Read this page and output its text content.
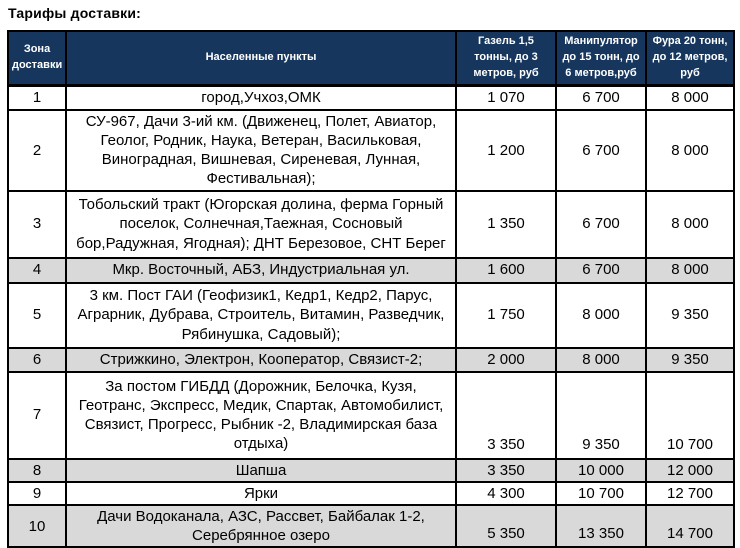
Тарифы доставки:
Зона доставки	Населенные пункты	Газель 1,5 тонны, до 3 метров, руб	Манипулятор до 15 тонн, до 6 метров,руб	Фура 20 тонн, до 12 метров, руб
1	город,Учхоз,ОМК	1 070	6 700	8 000
2	СУ-967, Дачи 3-ий км. (Движенец, Полет, Авиатор, Геолог, Родник, Наука, Ветеран, Васильковая, Виноградная, Вишневая, Сиреневая, Лунная, Фестивальная);	1 200	6 700	8 000
3	Тобольский тракт (Югорская долина, ферма Горный поселок, Солнечная,Таежная, Сосновый бор,Радужная, Ягодная); ДНТ Березовое, СНТ Берег	1 350	6 700	8 000
4	Мкр. Восточный, АБЗ, Индустриальная ул.	1 600	6 700	8 000
5	3 км. Пост ГАИ (Геофизик1, Кедр1, Кедр2, Парус, Аграрник, Дубрава, Строитель, Витамин, Разведчик, Рябинушка, Садовый);	1 750	8 000	9 350
6	Стрижкино, Электрон, Кооператор, Связист-2;	2 000	8 000	9 350
7	За постом ГИБДД (Дорожник, Белочка, Кузя, Геотранс, Экспресс, Медик, Спартак, Автомобилист, Связист, Прогресс, Рыбник -2, Владимирская база отдыха)	3 350	9 350	10 700
8	Шапша	3 350	10 000	12 000
9	Ярки	4 300	10 700	12 700
10	Дачи Водоканала, АЗС, Рассвет, Байбалак 1-2, Серебрянное озеро	5 350	13 350	14 700
